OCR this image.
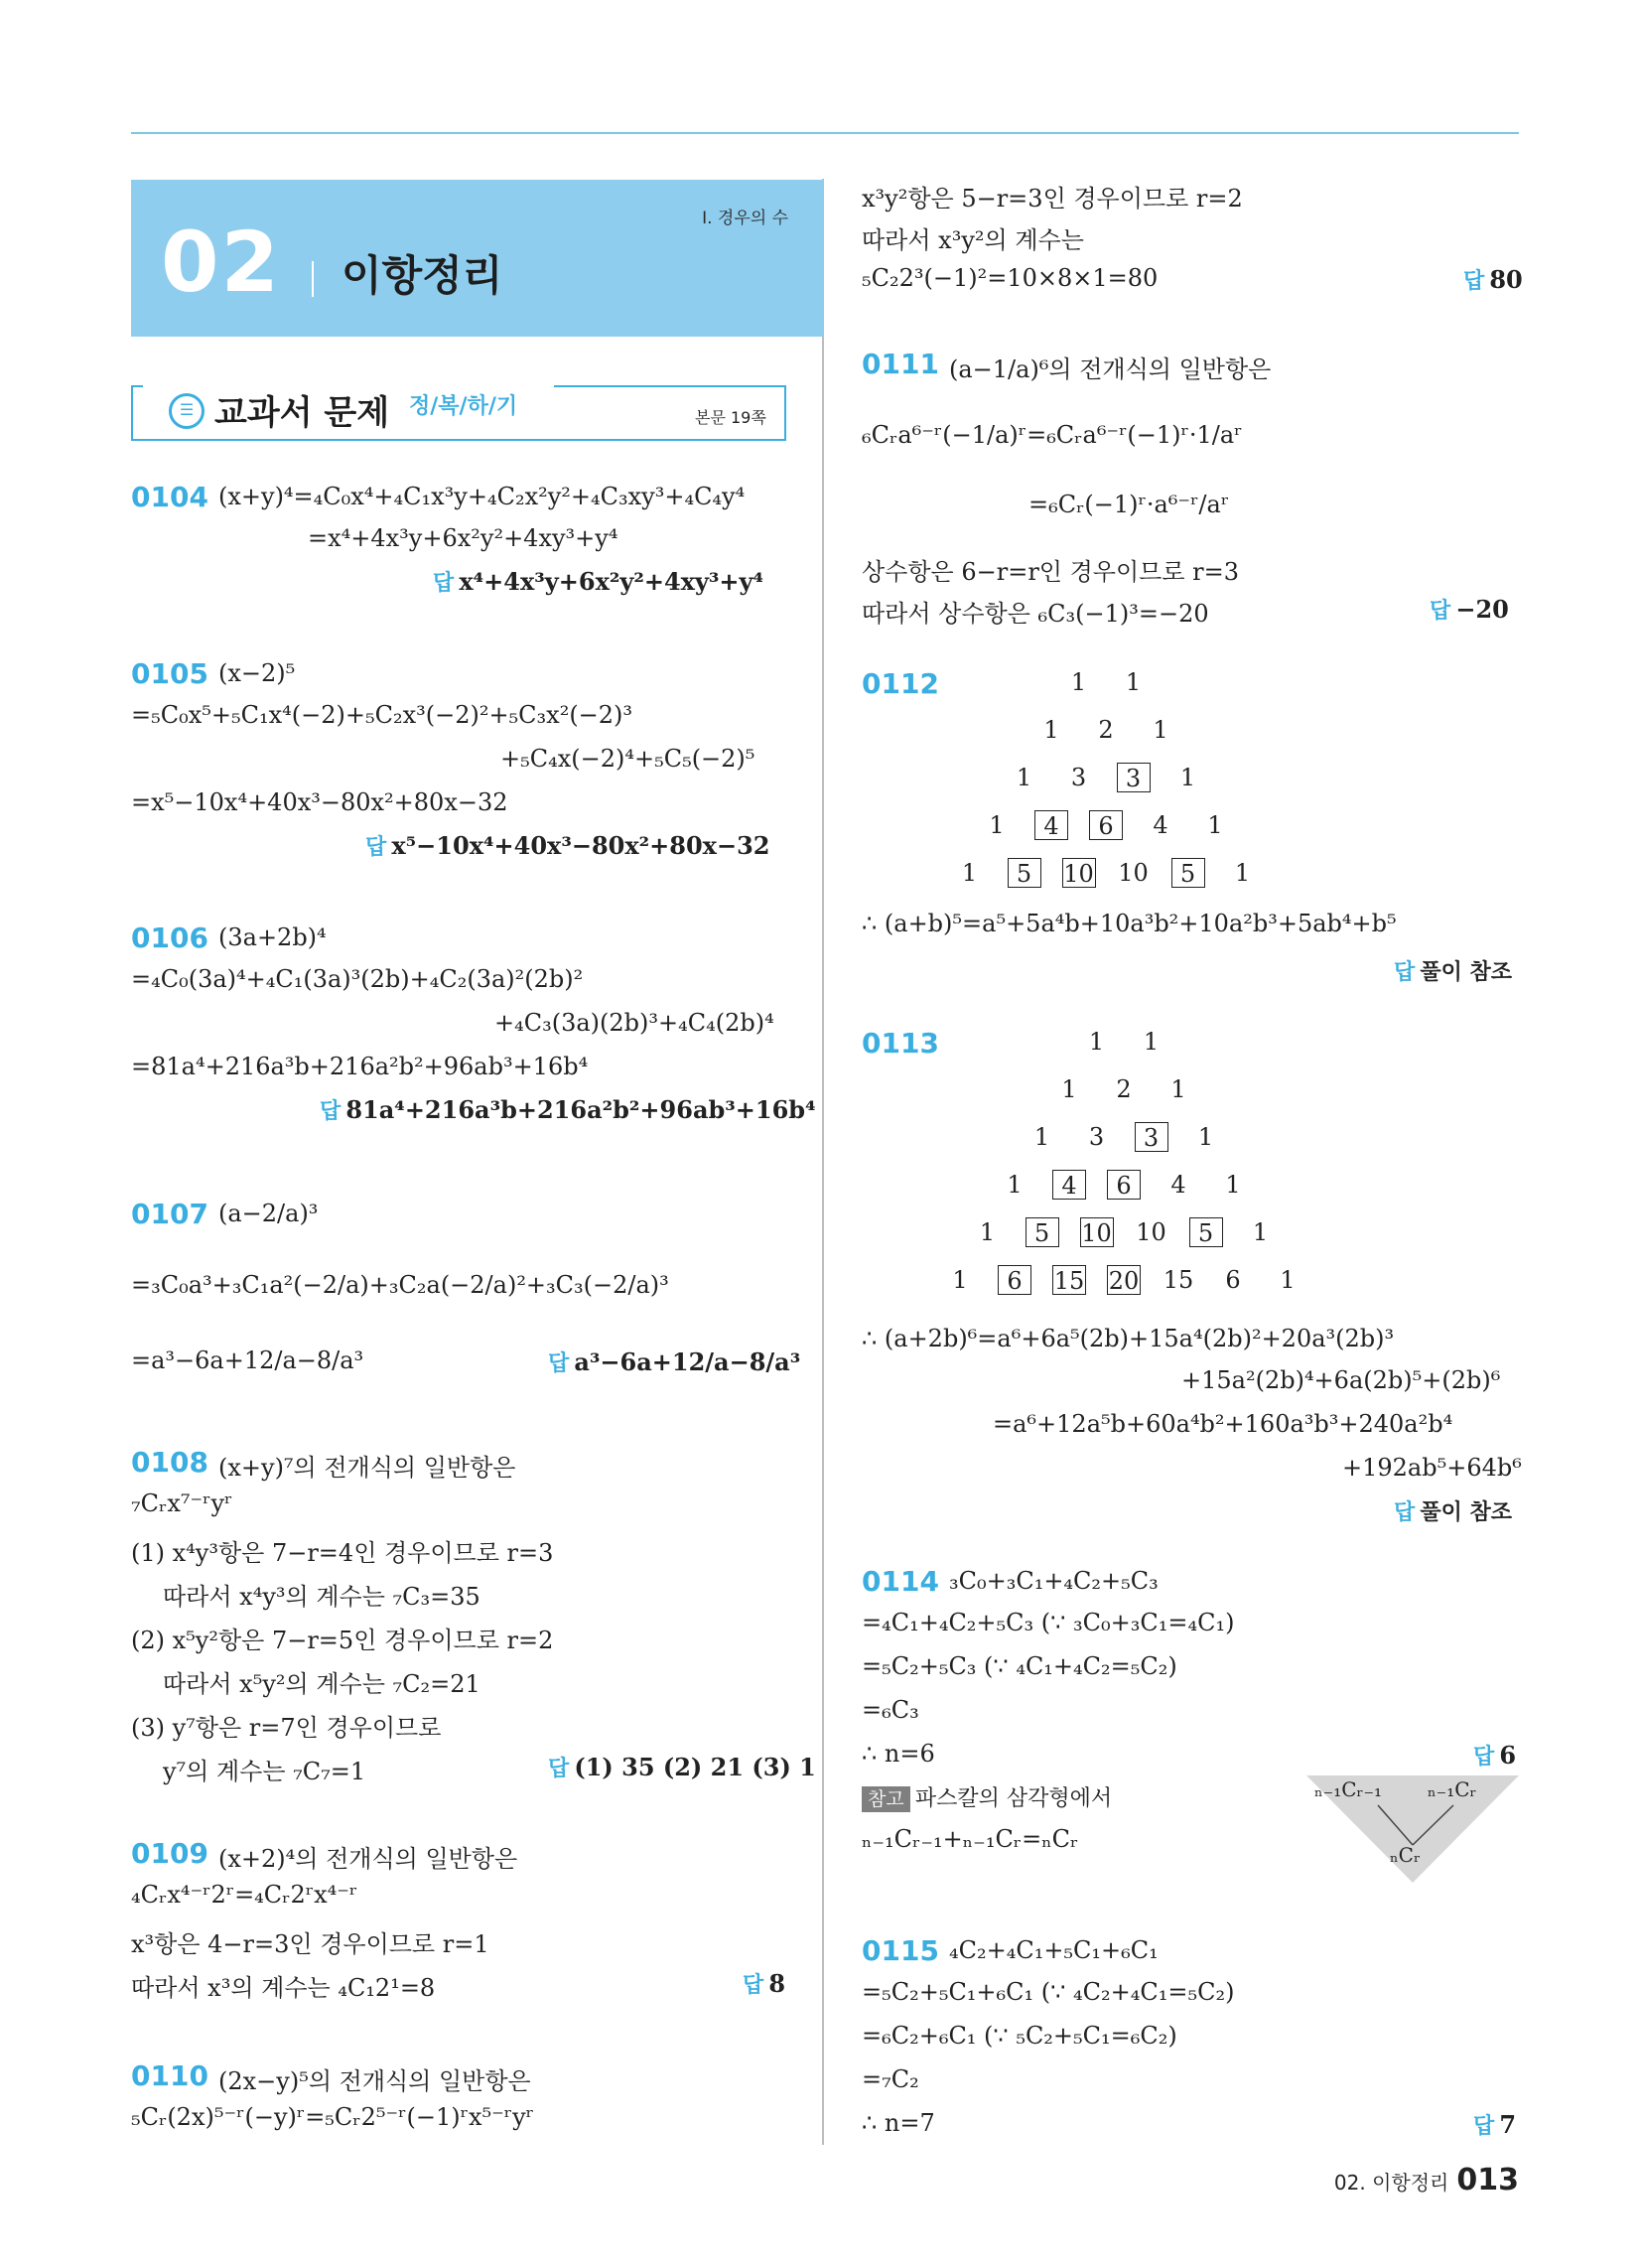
Ⅰ. 경우의 수
02 이항정리
☰ 교과서 문제 정/복/하/기	본문 19쪽
0104 (x+y)⁴=₄C₀x⁴+₄C₁x³y+₄C₂x²y²+₄C₃xy³+₄C₄y⁴
=x⁴+4x³y+6x²y²+4xy³+y⁴
답 x⁴+4x³y+6x²y²+4xy³+y⁴
0105 (x−2)⁵
=₅C₀x⁵+₅C₁x⁴(−2)+₅C₂x³(−2)²+₅C₃x²(−2)³
+₅C₄x(−2)⁴+₅C₅(−2)⁵
=x⁵−10x⁴+40x³−80x²+80x−32
답 x⁵−10x⁴+40x³−80x²+80x−32
0106 (3a+2b)⁴
=₄C₀(3a)⁴+₄C₁(3a)³(2b)+₄C₂(3a)²(2b)²
+₄C₃(3a)(2b)³+₄C₄(2b)⁴
=81a⁴+216a³b+216a²b²+96ab³+16b⁴
답 81a⁴+216a³b+216a²b²+96ab³+16b⁴
0107 (a−2/a)³
=₃C₀a³+₃C₁a²(−2/a)+₃C₂a(−2/a)²+₃C₃(−2/a)³
=a³−6a+12/a−8/a³	답 a³−6a+12/a−8/a³
0108 (x+y)⁷의 전개식의 일반항은
₇Cᵣx⁷⁻ʳyʳ
(1) x⁴y³항은 7−r=4인 경우이므로 r=3
따라서 x⁴y³의 계수는 ₇C₃=35
(2) x⁵y²항은 7−r=5인 경우이므로 r=2
따라서 x⁵y²의 계수는 ₇C₂=21
(3) y⁷항은 r=7인 경우이므로
y⁷의 계수는 ₇C₇=1	답 (1) 35 (2) 21 (3) 1
0109 (x+2)⁴의 전개식의 일반항은
₄Cᵣx⁴⁻ʳ2ʳ=₄Cᵣ2ʳx⁴⁻ʳ
x³항은 4−r=3인 경우이므로 r=1
따라서 x³의 계수는 ₄C₁2¹=8	답 8
0110 (2x−y)⁵의 전개식의 일반항은
₅Cᵣ(2x)⁵⁻ʳ(−y)ʳ=₅Cᵣ2⁵⁻ʳ(−1)ʳx⁵⁻ʳyʳ
x³y²항은 5−r=3인 경우이므로 r=2
따라서 x³y²의 계수는
₅C₂2³(−1)²=10×8×1=80	답 80
0111 (a−1/a)⁶의 전개식의 일반항은
₆Cᵣa⁶⁻ʳ(−1/a)ʳ=₆Cᵣa⁶⁻ʳ(−1)ʳ·1/aʳ
=₆Cᵣ(−1)ʳ·a⁶⁻ʳ/aʳ
상수항은 6−r=r인 경우이므로 r=3
따라서 상수항은 ₆C₃(−1)³=−20	답 −20
0112	1	1
1	2	1
1	3	3	1
1	4	6	4	1
1	5	10 10	5	1
∴ (a+b)⁵=a⁵+5a⁴b+10a³b²+10a²b³+5ab⁴+b⁵
답 풀이 참조
0113	1	1
1	2	1
1	3	3	1
1	4	6	4	1
1	5	10 10	5	1
1	6	15 20 15	6	1
∴ (a+2b)⁶=a⁶+6a⁵(2b)+15a⁴(2b)²+20a³(2b)³
+15a²(2b)⁴+6a(2b)⁵+(2b)⁶
=a⁶+12a⁵b+60a⁴b²+160a³b³+240a²b⁴
+192ab⁵+64b⁶
답 풀이 참조
0114 ₃C₀+₃C₁+₄C₂+₅C₃
=₄C₁+₄C₂+₅C₃ (∵ ₃C₀+₃C₁=₄C₁)
=₅C₂+₅C₃ (∵ ₄C₁+₄C₂=₅C₂)
=₆C₃
∴ n=6	답 6
참고 파스칼의 삼각형에서
ₙ₋₁Cᵣ₋₁+ₙ₋₁Cᵣ=ₙCᵣ
ₙ₋₁Cᵣ₋₁ ₙ₋₁Cᵣ
ₙCᵣ
0115 ₄C₂+₄C₁+₅C₁+₆C₁
=₅C₂+₅C₁+₆C₁ (∵ ₄C₂+₄C₁=₅C₂)
=₆C₂+₆C₁ (∵ ₅C₂+₅C₁=₆C₂)
=₇C₂
∴ n=7	답 7
02. 이항정리 013
